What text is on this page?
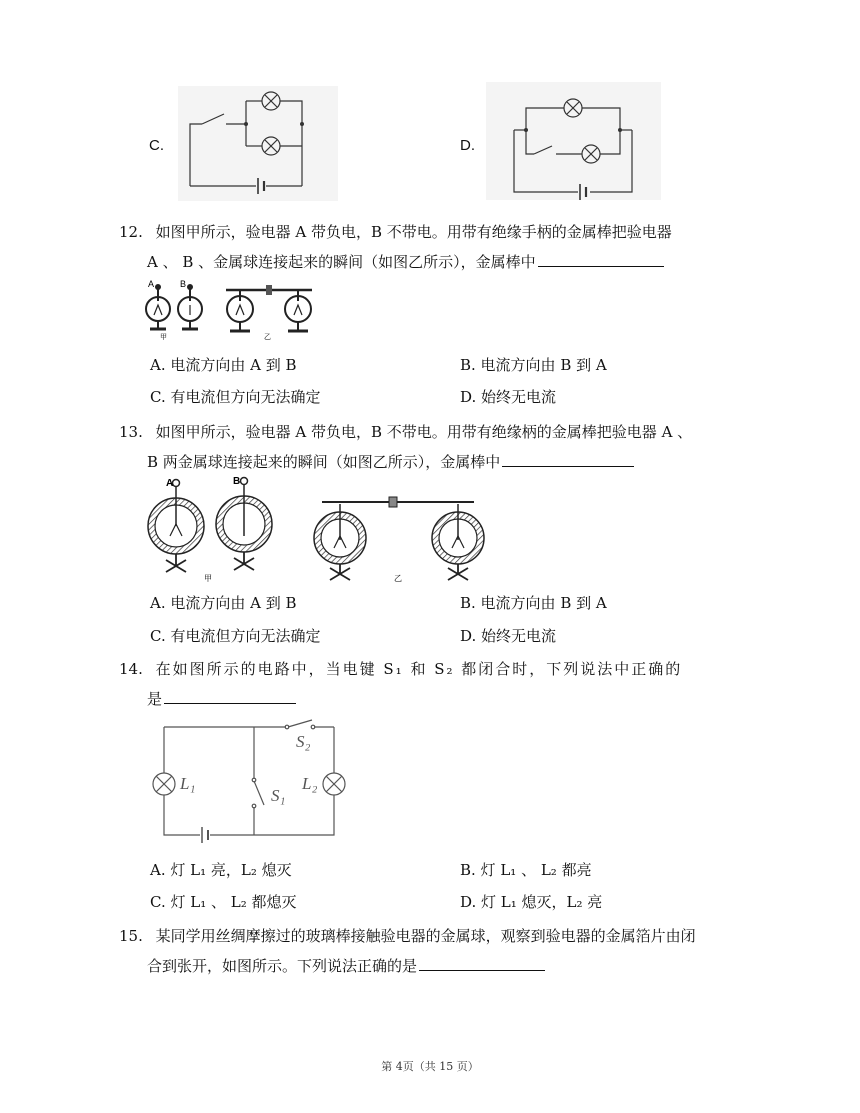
C.	D.
12. 如图甲所示，验电器 A 带负电，B 不带电。用带有绝缘手柄的金属棒把验电器
A 、 B 、金属球连接起来的瞬间（如图乙所示），金属棒中
A	B
甲	乙
A. 电流方向由 A 到 B	B. 电流方向由 B 到 A
C. 有电流但方向无法确定	D. 始终无电流
13. 如图甲所示，验电器 A 带负电，B 不带电。用带有绝缘柄的金属棒把验电器 A 、
B 两金属球连接起来的瞬间（如图乙所示），金属棒中
A	B
甲	乙
A. 电流方向由 A 到 B	B. 电流方向由 B 到 A
C. 有电流但方向无法确定	D. 始终无电流
14. 在如图所示的电路中，当电键 S₁ 和 S₂ 都闭合时，下列说法中正确的
是
L₁	L₂
S₁
S₂
A. 灯 L₁ 亮，L₂ 熄灭	B. 灯 L₁ 、 L₂ 都亮
C. 灯 L₁ 、 L₂ 都熄灭	D. 灯 L₁ 熄灭，L₂ 亮
15. 某同学用丝绸摩擦过的玻璃棒接触验电器的金属球，观察到验电器的金属箔片由闭
合到张开，如图所示。下列说法正确的是
第 4页（共 15 页）
